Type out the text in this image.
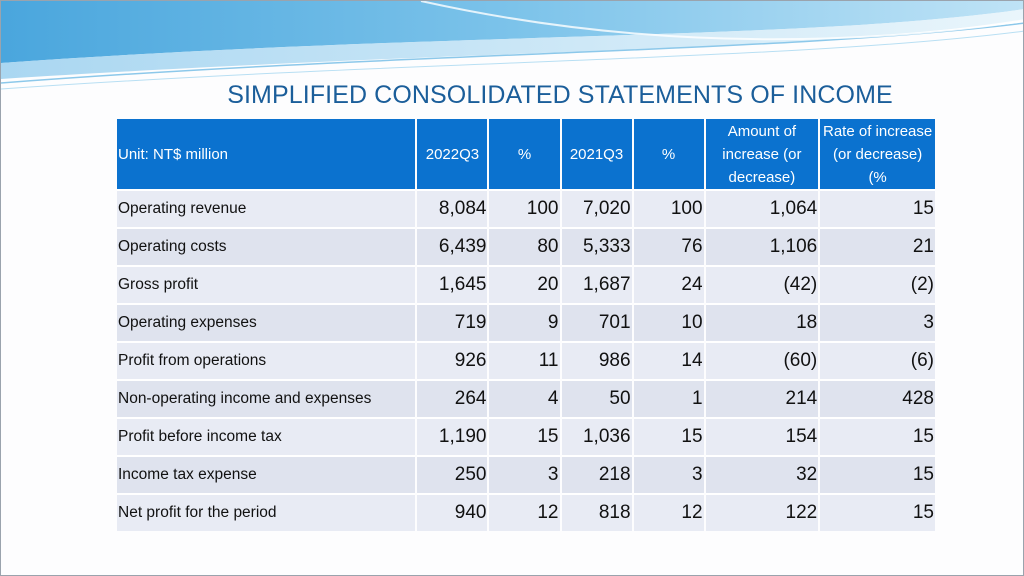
SIMPLIFIED CONSOLIDATED STATEMENTS OF INCOME
Unit: NT$ million	2022Q3	%	2021Q3	%	Amount of increase (or decrease)	Rate of increase (or decrease) (%
Operating revenue	8,084	100	7,020	100	1,064	15
Operating costs	6,439	80	5,333	76	1,106	21
Gross profit	1,645	20	1,687	24	(42)	(2)
Operating expenses	719	9	701	10	18	3
Profit from operations	926	11	986	14	(60)	(6)
Non-operating income and expenses	264	4	50	1	214	428
Profit before income tax	1,190	15	1,036	15	154	15
Income tax expense	250	3	218	3	32	15
Net profit for the period	940	12	818	12	122	15
